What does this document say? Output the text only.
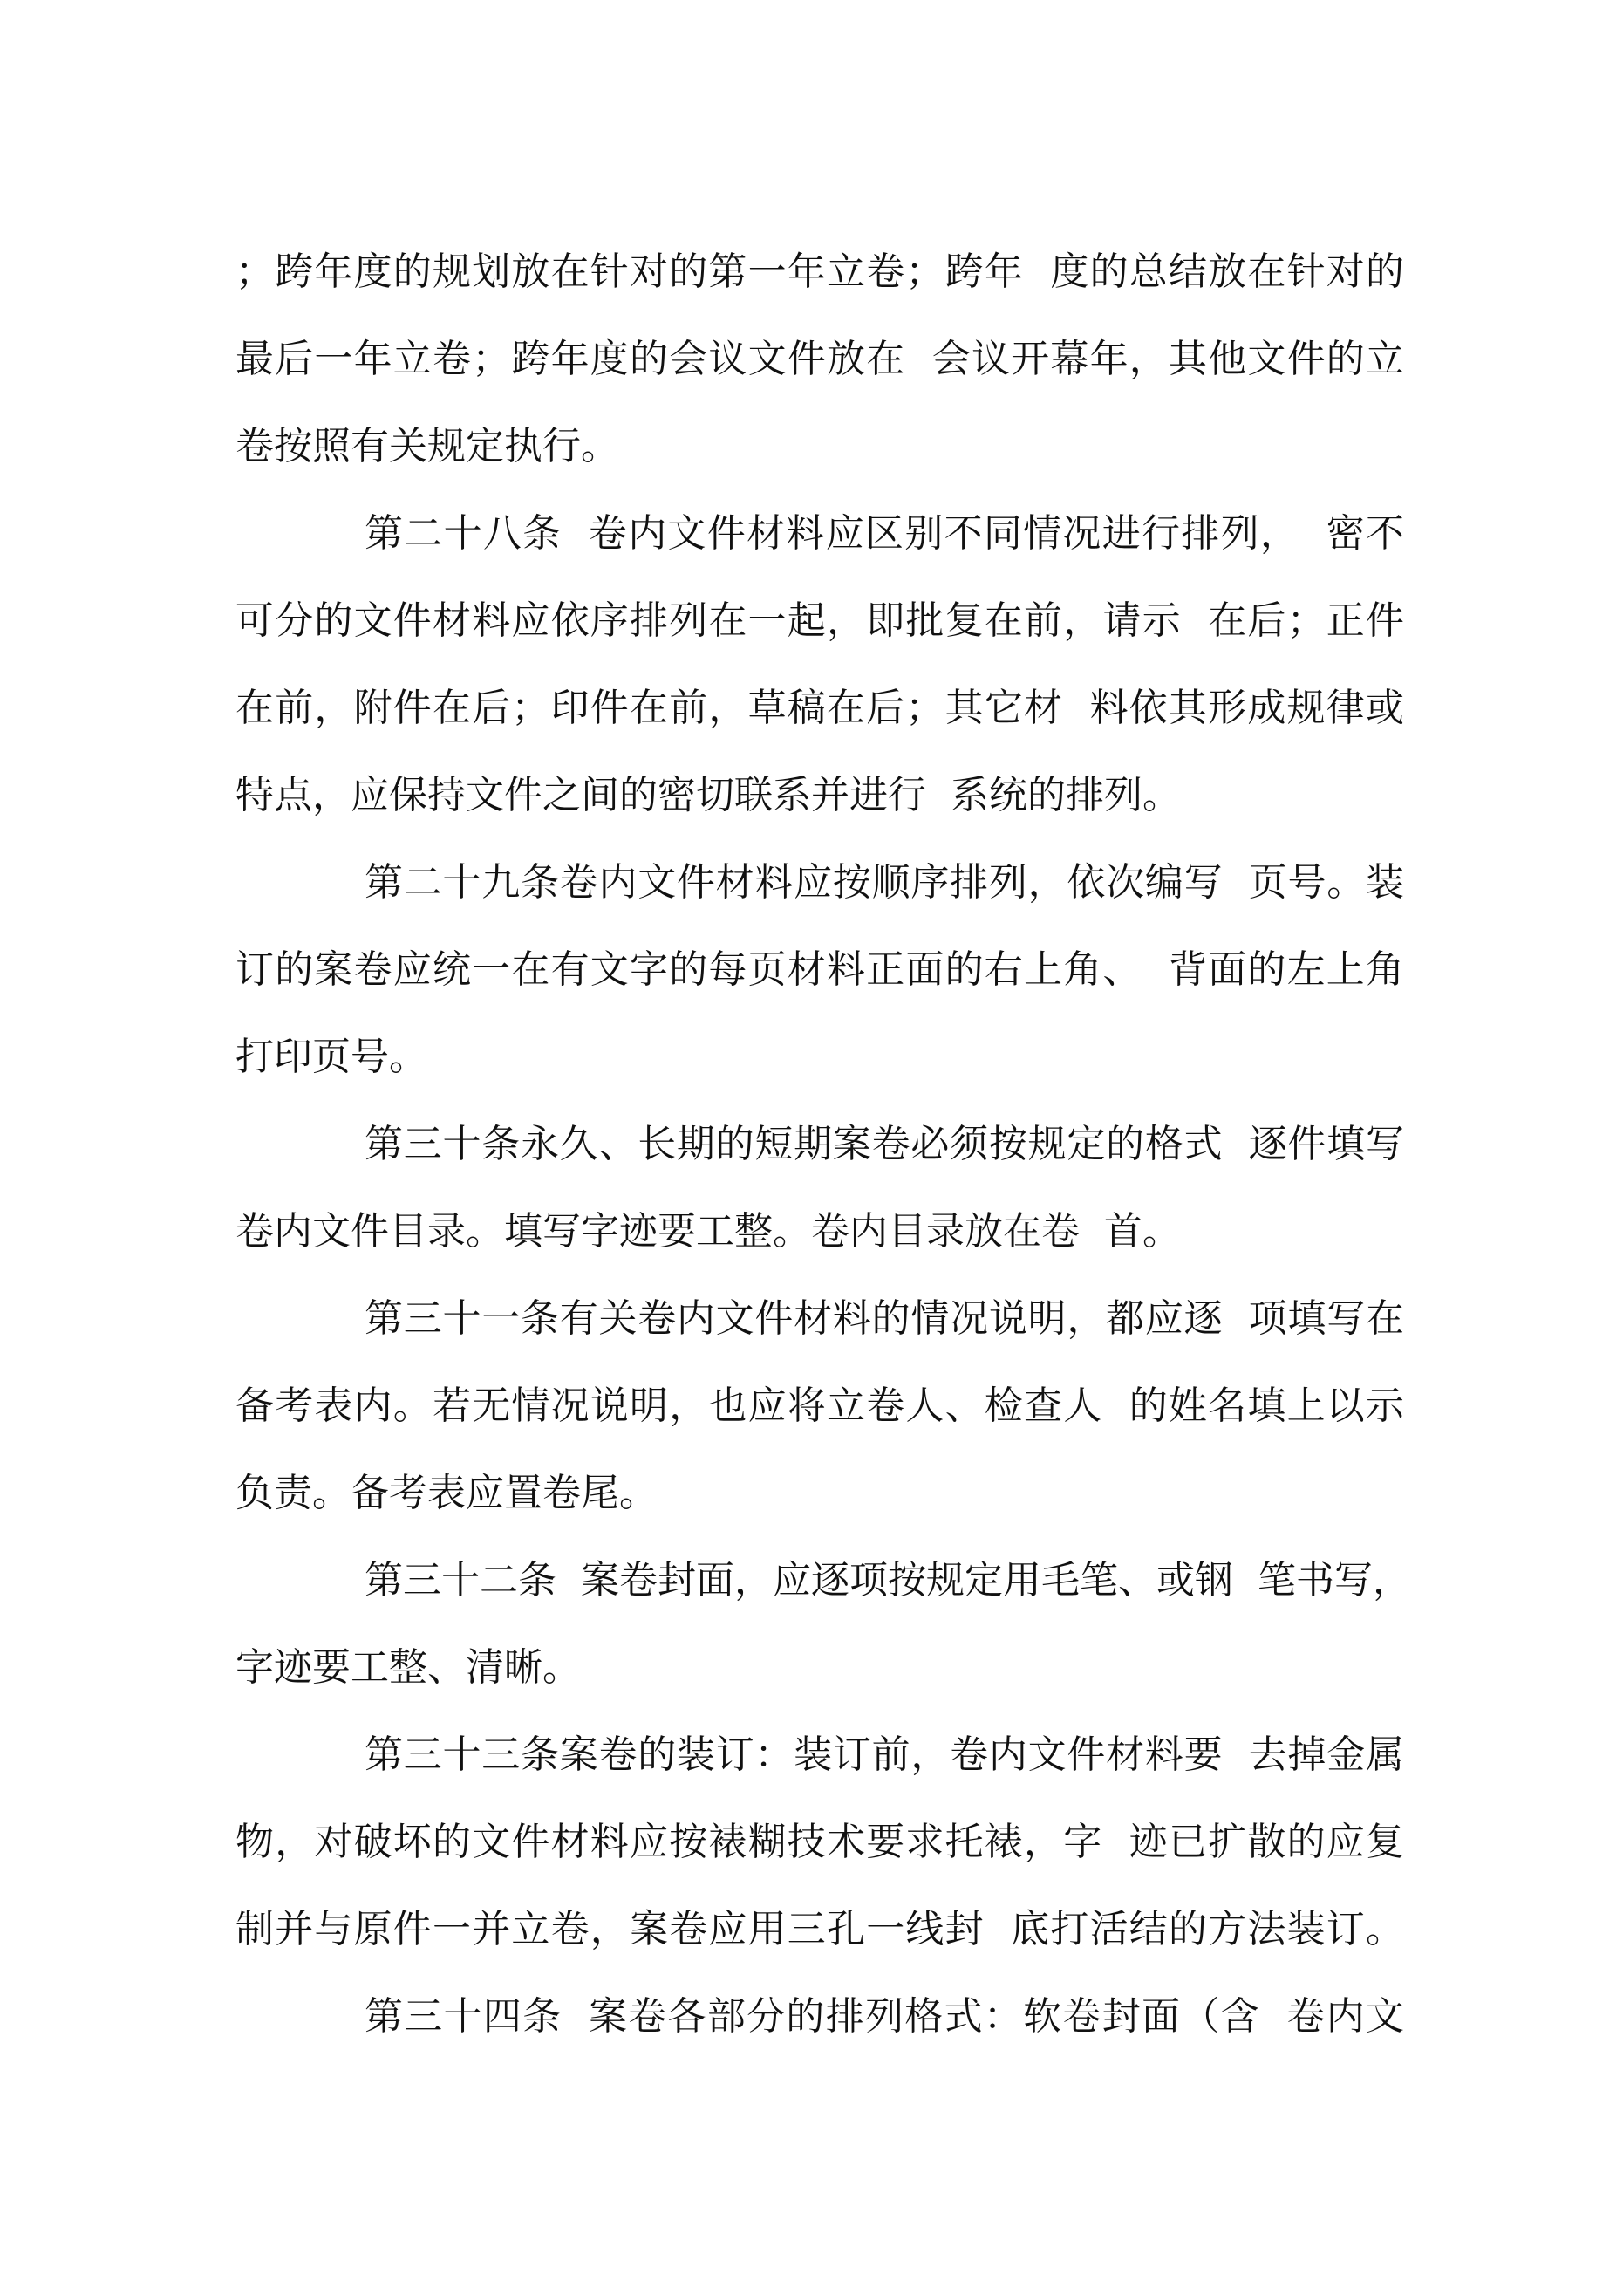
；跨年度的规划放在针对的第一年立卷；跨年  度的总结放在针对的
最后一年立卷；跨年度的会议文件放在  会议开幕年，其他文件的立
卷按照有关规定执行。
第二十八条  卷内文件材料应区别不同情况进行排列，  密不
可分的文件材料应依序排列在一起，即批复在前，请示  在后；正件
在前，附件在后；印件在前，草稿在后；其它材  料依其形成规律或
特点，应保持文件之间的密切联系并进行  系统的排列。
第二十九条卷内文件材料应按顺序排列，依次编写  页号。装
订的案卷应统一在有文字的每页材料正面的右上角、  背面的左上角
打印页号。
第三十条永久、长期的短期案卷必须按规定的格式  逐件填写
卷内文件目录。填写字迹要工整。卷内目录放在卷  首。
第三十一条有关卷内文件材料的情况说明，都应逐  项填写在
备考表内。若无情况说明，也应将立卷人、检查人  的姓名填上以示
负责。备考表应置卷尾。
第三十二条  案卷封面，应逐项按规定用毛笔、或钢  笔书写，
字迹要工整、清晰。
第三十三条案卷的装订：装订前，卷内文件材料要  去掉金属
物，对破坏的文件材料应按裱糊技术要求托裱，字  迹已扩散的应复
制并与原件一并立卷，案卷应用三孔一线封  底打活结的方法装订。
第三十四条  案卷各部分的排列格式：软卷封面（含  卷内文
